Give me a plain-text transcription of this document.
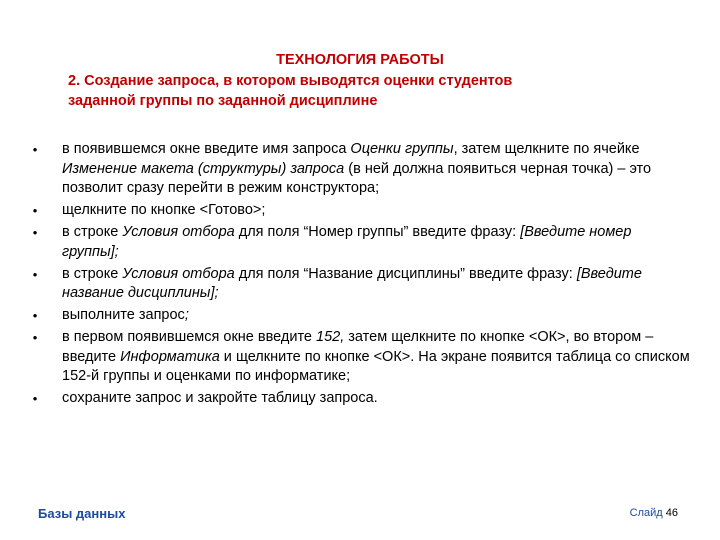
ТЕХНОЛОГИЯ РАБОТЫ
2. Создание запроса, в котором выводятся оценки студентов
заданной группы по заданной дисциплине
• в появившемся окне введите имя запроса Оценки группы, затем щелкните по ячейке Изменение макета (структуры) запроса (в ней должна появиться черная точка) – это позволит сразу перейти в режим конструктора;
• щелкните по кнопке <Готово>;
• в строке Условия отбора для поля “Номер группы” введите фразу: [Введите номер группы];
• в строке Условия отбора для поля “Название дисциплины” введите фразу: [Введите название дисциплины];
• выполните запрос;
• в первом появившемся окне введите 152, затем щелкните по кнопке <ОК>, во втором – введите Информатика и щелкните по кнопке <ОК>. На экране появится таблица со списком 152-й группы и оценками по информатике;
• сохраните запрос и закройте таблицу запроса.
Базы данных	Слайд 46
